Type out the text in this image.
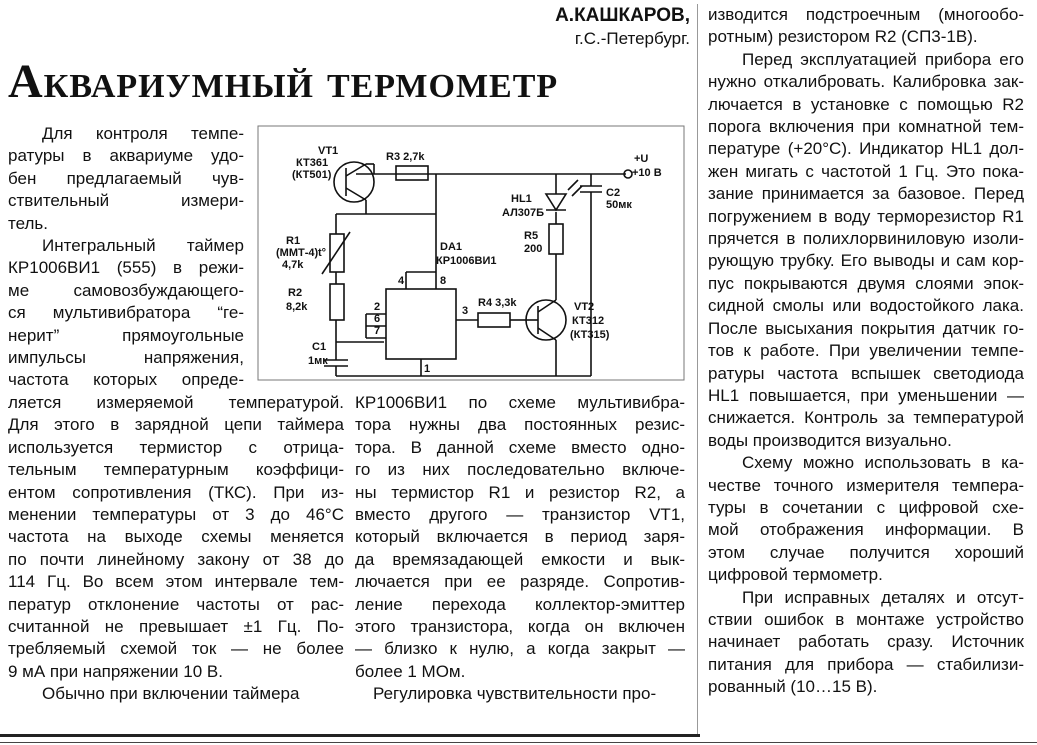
А.КАШКАРОВ,
г.С.-Петербург.
Аквариумный термометр

Для контроля темпе-
ратуры в аквариуме удо-
бен предлагаемый чув-
ствительный измери-
тель.

Интегральный таймер
КР1006ВИ1 (555) в режи-
ме самовозбуждающего-
ся мультивибратора “ге-
нерит” прямоугольные
импульсы напряжения,
частота которых опреде-

ляется измеряемой температурой.
Для этого в зарядной цепи таймера
используется термистор с отрица-
тельным температурным коэффици-
ентом сопротивления (ТКС). При из-
менении температуры от 3 до 46°С
частота на выходе схемы меняется
по почти линейному закону от 38 до
114 Гц. Во всем этом интервале тем-
ператур отклонение частоты от рас-
считанной не превышает ±1 Гц. По-
требляемый схемой ток — не более
9 мА при напряжении 10 В.
Обычно при включении таймера
КР1006ВИ1 по схеме мультивибра-
тора нужны два постоянных резис-
тора. В данной схеме вместо одно-
го из них последовательно включе-
ны термистор R1 и резистор R2, а
вместо другого — транзистор VT1,
который включается в период заря-
да времязадающей емкости и вык-
лючается при ее разряде. Сопротив-
ление перехода коллектор-эмиттер
этого транзистора, когда он включен
— близко к нулю, а когда закрыт —
более 1 МОм.
Регулировка чувствительности про-
изводится подстроечным (многообо-
ротным) резистором R2 (СП3-1В).
Перед эксплуатацией прибора его
нужно откалибровать. Калибровка зак-
лючается в установке с помощью R2
порога включения при комнатной тем-
пературе (+20°С). Индикатор HL1 дол-
жен мигать с частотой 1 Гц. Это пока-
зание принимается за базовое. Перед
погружением в воду терморезистор R1
прячется в полихлорвиниловую изоли-
рующую трубку. Его выводы и сам кор-
пус покрываются двумя слоями эпок-
сидной смолы или водостойкого лака.
После высыхания покрытия датчик го-
тов к работе. При увеличении темпе-
ратуры частота вспышек светодиода
HL1 повышается, при уменьшении —
снижается. Контроль за температурой
воды производится визуально.
Схему можно использовать в ка-
честве точного измерителя темпера-
туры в сочетании с цифровой схе-
мой отображения информации. В
этом случае получится хороший
цифровой термометр.
При исправных деталях и отсут-
ствии ошибок в монтаже устройство
начинает работать сразу. Источник
питания для прибора — стабилизи-
рованный (10…15 В).
VT1
КТ361
(КТ501)
R3 2,7k	+U
+10 В
HL1
АЛ307Б
C2
50мк
R1
(ММТ-4)
4,7k
t°
R5
200
DA1
КР1006ВИ1
R2
8,2k	R4 3,3k	VT2
КТ312
(КТ315)
C1
1мк
4	8
2
6
7
3
1
